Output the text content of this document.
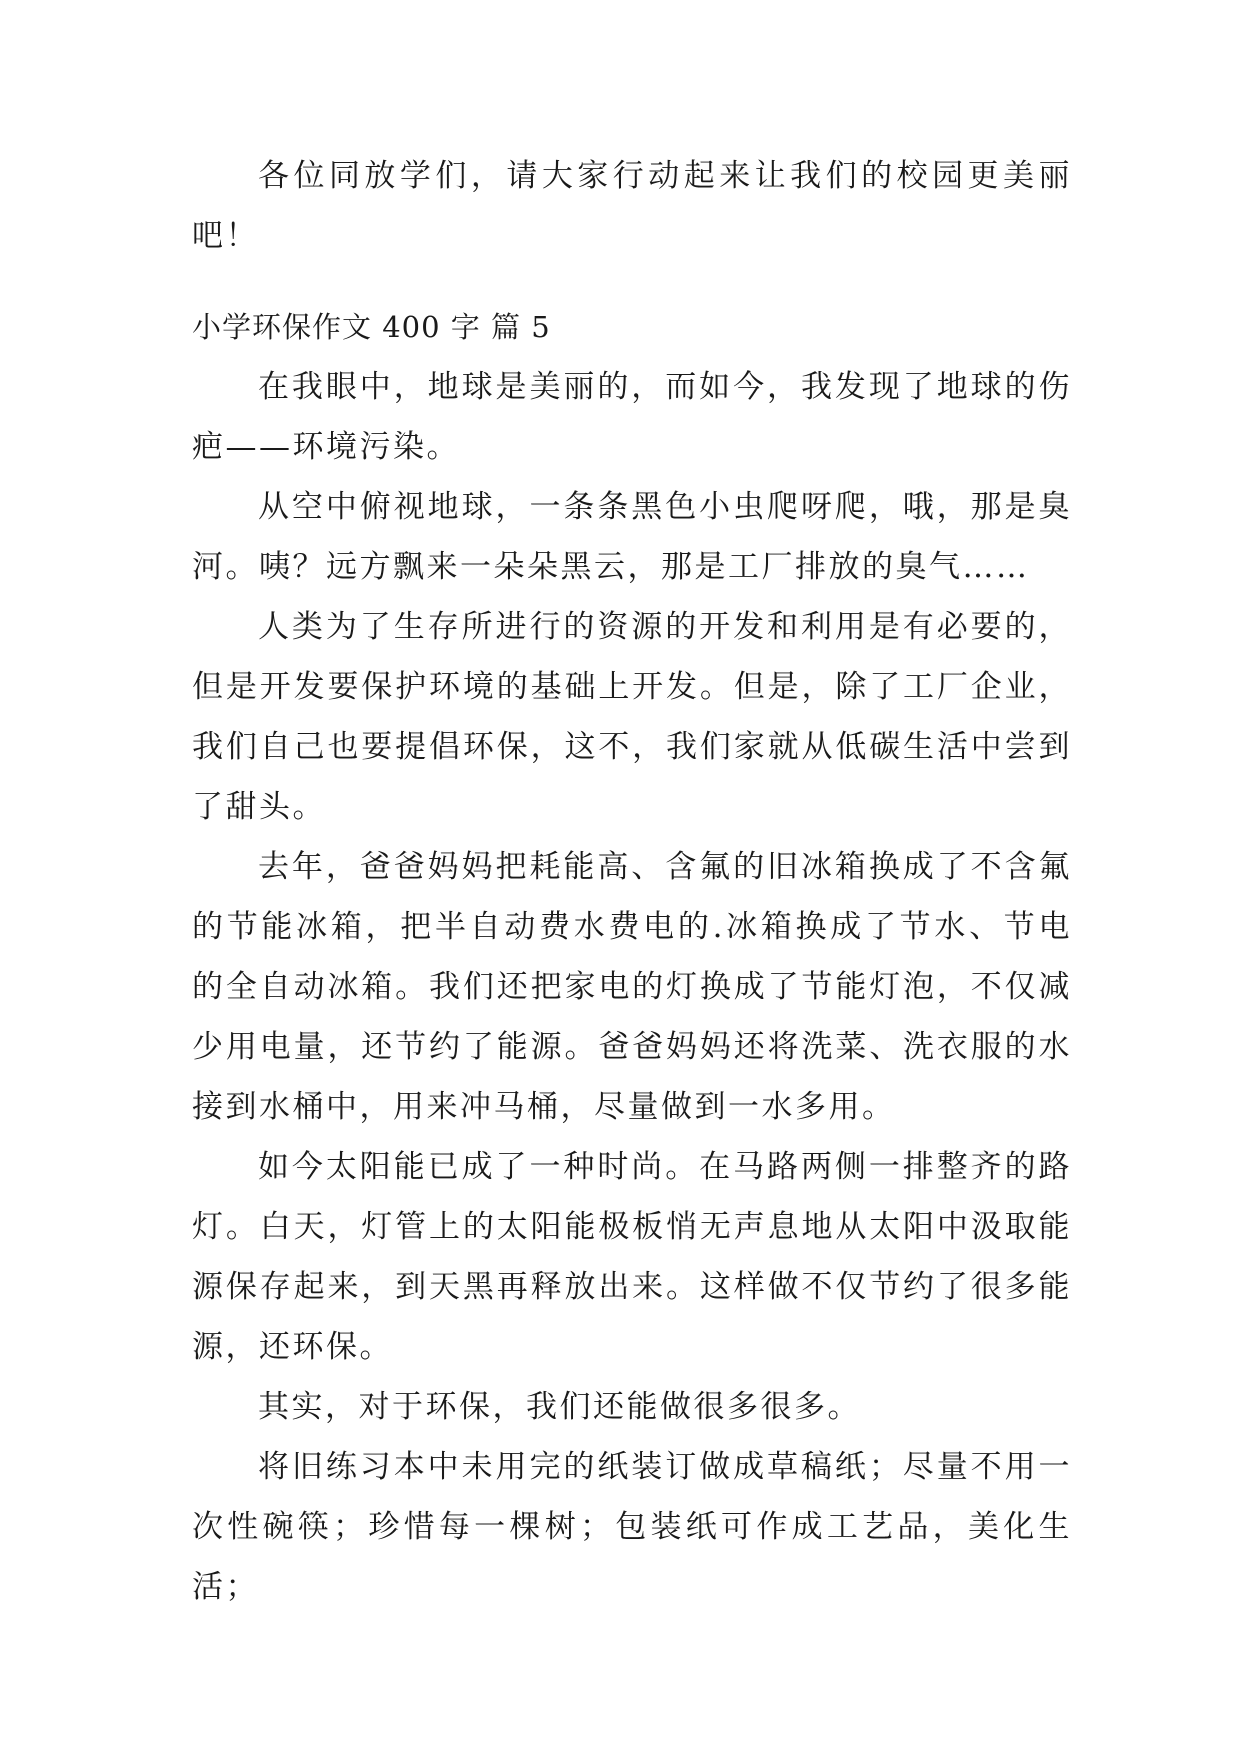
各位同放学们，请大家行动起来让我们的校园更美丽吧！

小学环保作文 400 字 篇 5

在我眼中，地球是美丽的，而如今，我发现了地球的伤疤——环境污染。

从空中俯视地球，一条条黑色小虫爬呀爬，哦，那是臭河。咦？远方飘来一朵朵黑云，那是工厂排放的臭气……

人类为了生存所进行的资源的开发和利用是有必要的，但是开发要保护环境的基础上开发。但是，除了工厂企业，我们自己也要提倡环保，这不，我们家就从低碳生活中尝到了甜头。

去年，爸爸妈妈把耗能高、含氟的旧冰箱换成了不含氟的节能冰箱，把半自动费水费电的.冰箱换成了节水、节电的全自动冰箱。我们还把家电的灯换成了节能灯泡，不仅减少用电量，还节约了能源。爸爸妈妈还将洗菜、洗衣服的水接到水桶中，用来冲马桶，尽量做到一水多用。

如今太阳能已成了一种时尚。在马路两侧一排整齐的路灯。白天，灯管上的太阳能极板悄无声息地从太阳中汲取能源保存起来，到天黑再释放出来。这样做不仅节约了很多能源，还环保。

其实，对于环保，我们还能做很多很多。

将旧练习本中未用完的纸装订做成草稿纸；尽量不用一次性碗筷；珍惜每一棵树；包装纸可作成工艺品，美化生活；
